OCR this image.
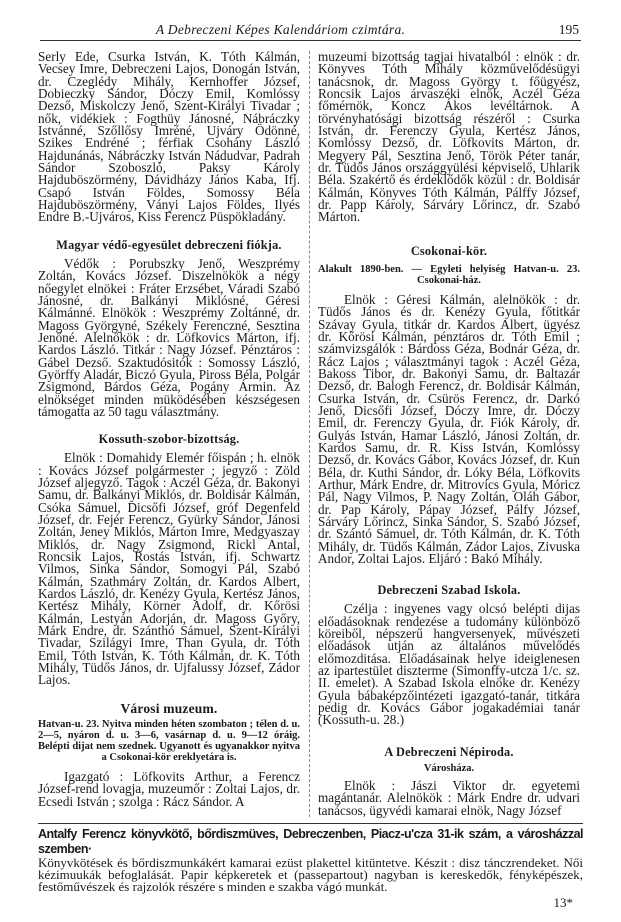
A Debreczeni Képes Kalendáriom czimtára.	195

Serly Ede, Csurka István, K. Tóth Kálmán, Vecsey Imre, Debreczeni Lajos, Donogán István, dr. Czeglédy Mihály, Kernhoffer József, Dobieczky Sándor, Dóczy Emil, Komlóssy Dezső, Miskolczy Jenő, Szent-Királyi Tivadar ; nők, vidékiek : Fogthüy Jánosné, Nábráczky Istvánné, Szőllősy Imréné, Ujváry Ödönné, Szikes Endréné ; férfiak Csohány László Hajdunánás, Nábráczky István Nádudvar, Padrah Sándor Szoboszló, Paksy Károly Hajduböszörmény, Dávidházy János Kaba, Ifj. Csapó István Földes, Somossy Béla Hajduböszörmény, Ványi Lajos Földes, Ilyés Endre B.-Ujváros, Kiss Ferencz Püspökladány.

Magyar védő-egyesület debreczeni fiókja.

Védők : Porubszky Jenő, Weszprémy Zoltán, Kovács József. Diszelnökök a négy nőegylet elnökei : Fráter Erzsébet, Váradi Szabó Jánosné, dr. Balkányi Miklósné, Géresi Kálmánné. Elnökök : Weszprémy Zoltánné, dr. Magoss Györgyné, Székely Ferenczné, Sesztina Jenőné. Alelnökök : dr. Löfkovics Márton, ifj. Kardos László. Titkár : Nagy József. Pénztáros : Gábel Dezső. Szaktudósitók : Somossy László, Györffy Aladár, Biczó Gyula, Piross Béla, Polgár Zsigmond, Bárdos Géza, Pogány Ármin. Az elnökséget minden müködésében készségesen támogatta az 50 tagu választmány.

Kossuth-szobor-bizottság.

Elnök : Domahidy Elemér főispán ; h. elnök : Kovács József polgármester ; jegyző : Zöld József aljegyző. Tagok : Aczél Géza, dr. Bakonyi Samu, dr. Balkányi Miklós, dr. Boldisár Kálmán, Csóka Sámuel, Dicsőfi József, gróf Degenfeld József, dr. Fejér Ferencz, Gyürky Sándor, Jánosi Zoltán, Jeney Miklós, Márton Imre, Medgyaszay Miklós, dr. Nagy Zsigmond, Rickl Antal, Roncsik Lajos, Rostás István, ifj. Schwartz Vilmos, Sinka Sándor, Somogyi Pál, Szabó Kálmán, Szathmáry Zoltán, dr. Kardos Albert, Kardos László, dr. Kenézy Gyula, Kertész János, Kertész Mihály, Körner Adolf, dr. Kőrösi Kálmán, Lestyán Adorján, dr. Magoss Győry, Márk Endre, dr. Szánthó Sámuel, Szent-Királyi Tivadar, Szilágyi Imre, Than Gyula, dr. Tóth Emil, Tóth István, K. Tóth Kálmán, dr. K. Tóth Mihály, Tüdős János, dr. Ujfalussy József, Zádor Lajos.

Városi muzeum.

Hatvan-u. 23. Nyitva minden héten szombaton ; télen d. u. 2—5, nyáron d. u. 3—6, vasárnap d. u. 9—12 óráig. Belépti dijat nem szednek. Ugyanott és ugyanakkor nyitva a Csokonai-kör ereklyetára is.

Igazgató : Löfkovits Arthur, a Ferencz József-rend lovagja, muzeumőr : Zoltai Lajos, dr. Ecsedi István ; szolga : Rácz Sándor. A

muzeumi bizottság tagjai hivatalból : elnök : dr. Könyves Tóth Mihály közművelődésügyi tanácsnok, dr. Magoss György t. főügyész, Roncsik Lajos árvaszéki elnök, Aczél Géza főmérnök, Koncz Ákos levéltárnok. A törvényhatósági bizottság részéről : Csurka István, dr. Ferenczy Gyula, Kertész János, Komlóssy Dezső, dr. Löfkovits Márton, dr. Megyery Pál, Sesztina Jenő, Török Péter tanár, dr. Tüdős János országgyülési képviselő, Uhlarik Béla. Szakértő és érdeklődők közül : dr. Boldisár Kálmán, Könyves Tóth Kálmán, Pálffy József, dr. Papp Károly, Sárváry Lőrincz, dr. Szabó Márton.

Csokonai-kör.

Alakult 1890-ben. — Egyleti helyiség Hatvan-u. 23. Csokonai-ház.

Elnök : Géresi Kálmán, alelnökök : dr. Tüdős János és dr. Kenézy Gyula, főtitkár Szávay Gyula, titkár dr. Kardos Albert, ügyész dr. Kőrösi Kálmán, pénztáros dr. Tóth Emil ; számvizsgálók : Bárdoss Géza, Bodnár Géza, dr. Rácz Lajos ; választmányi tagok : Aczél Géza, Bakoss Tibor, dr. Bakonyi Samu, dr. Baltazár Dezső, dr. Balogh Ferencz, dr. Boldisár Kálmán, Csurka István, dr. Csürös Ferencz, dr. Darkó Jenő, Dicsőfi József, Dóczy Imre, dr. Dóczy Emil, dr. Ferenczy Gyula, dr. Fiók Károly, dr. Gulyás István, Hamar László, Jánosi Zoltán, dr. Kardos Samu, dr. R. Kiss István, Komlóssy Dezső, dr. Kovács Gábor, Kovács József, dr. Kun Béla, dr. Kuthi Sándor, dr. Lóky Béla, Löfkovits Arthur, Márk Endre, dr. Mitrovics Gyula, Móricz Pál, Nagy Vilmos, P. Nagy Zoltán, Oláh Gábor, dr. Pap Károly, Pápay József, Pálfy József, Sárváry Lőrincz, Sinka Sándor, S. Szabó József, dr. Szántó Sámuel, dr. Tóth Kálmán, dr. K. Tóth Mihály, dr. Tüdős Kálmán, Zádor Lajos, Zivuska Andor, Zoltai Lajos. Eljáró : Bakó Mihály.

Debreczeni Szabad Iskola.

Czélja : ingyenes vagy olcsó belépti dijas előadásoknak rendezése a tudomány különböző köreiből, népszerű hangversenyek, művészeti előadások utján az általános művelődés előmozditása. Előadásainak helye ideiglenesen az ipartestület diszterme (Simonffy-utcza 1/c. sz. II. emelet). A Szabad Iskola elnöke dr. Kenézy Gyula bábaképzőintézeti igazgató-tanár, titkára pedig dr. Kovács Gábor jogakadémiai tanár (Kossuth-u. 28.)

A Debreczeni Népiroda.

Városháza.

Elnök : Jászi Viktor dr. egyetemi magántanár. Alelnökök : Márk Endre dr. udvari tanácsos, ügyvédi kamarai elnök, Nagy József

Antalfy Ferencz könyvkötő, bőrdiszmüves, Debreczenben, Piacz-u'cza 31-ik szám, a városházzal szemben·

Könyvkötések és bőrdiszmunkákért kamarai ezüst plakettel kitüntetve. Készit : disz tánczrendeket. Női kézimuukák befoglalását. Papir képkeretek et (passepartout) nagyban is kereskedők, fényképészek, festőművészek és rajzolók részére s minden e szakba vágó munkát.

13*
